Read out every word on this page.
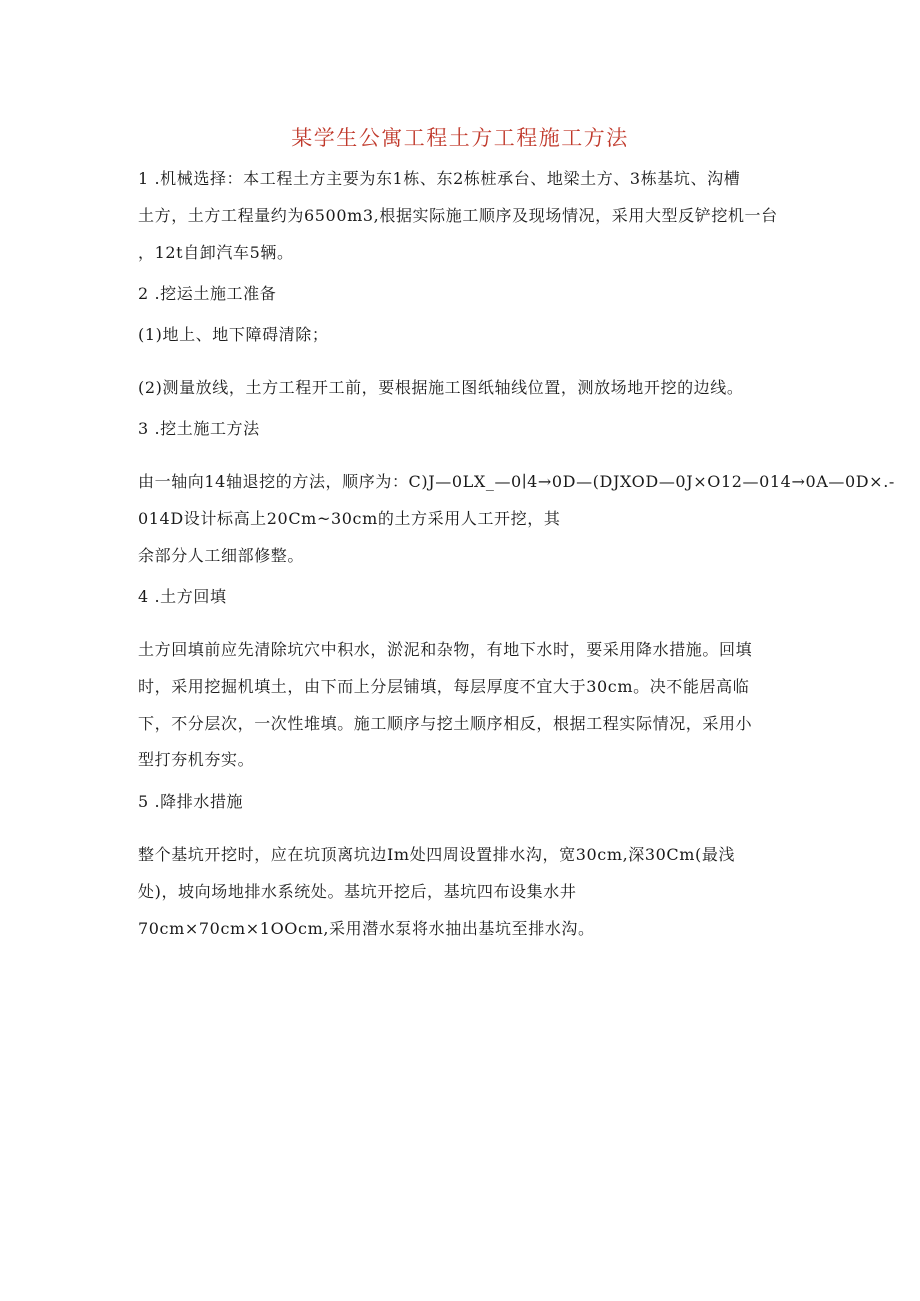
某学生公寓工程土方工程施工方法
1 .机械选择：本工程土方主要为东1栋、东2栋桩承台、地梁土方、3栋基坑、沟槽
土方，土方工程量约为6500m3,根据实际施工顺序及现场情况，采用大型反铲挖机一台
，12t自卸汽车5辆。
2 .挖运土施工准备
(1)地上、地下障碍清除；
(2)测量放线，土方工程开工前，要根据施工图纸轴线位置，测放场地开挖的边线。
3 .挖土施工方法
由一轴向14轴退挖的方法，顺序为：C)J—0LX_—0∣4→0D—(DJXOD—0J×O12—014→0A—0D×.-
014D设计标高上20Cm~30cm的土方采用人工开挖，其
余部分人工细部修整。
4 .土方回填
土方回填前应先清除坑穴中积水，淤泥和杂物，有地下水时，要采用降水措施。回填
时，采用挖掘机填土，由下而上分层铺填，每层厚度不宜大于30cm。决不能居高临
下，不分层次，一次性堆填。施工顺序与挖土顺序相反，根据工程实际情况，采用小
型打夯机夯实。
5 .降排水措施
整个基坑开挖时，应在坑顶离坑边Im处四周设置排水沟，宽30cm,深30Cm(最浅
处)，坡向场地排水系统处。基坑开挖后，基坑四布设集水井
70cm×70cm×1OOcm,采用潜水泵将水抽出基坑至排水沟。
